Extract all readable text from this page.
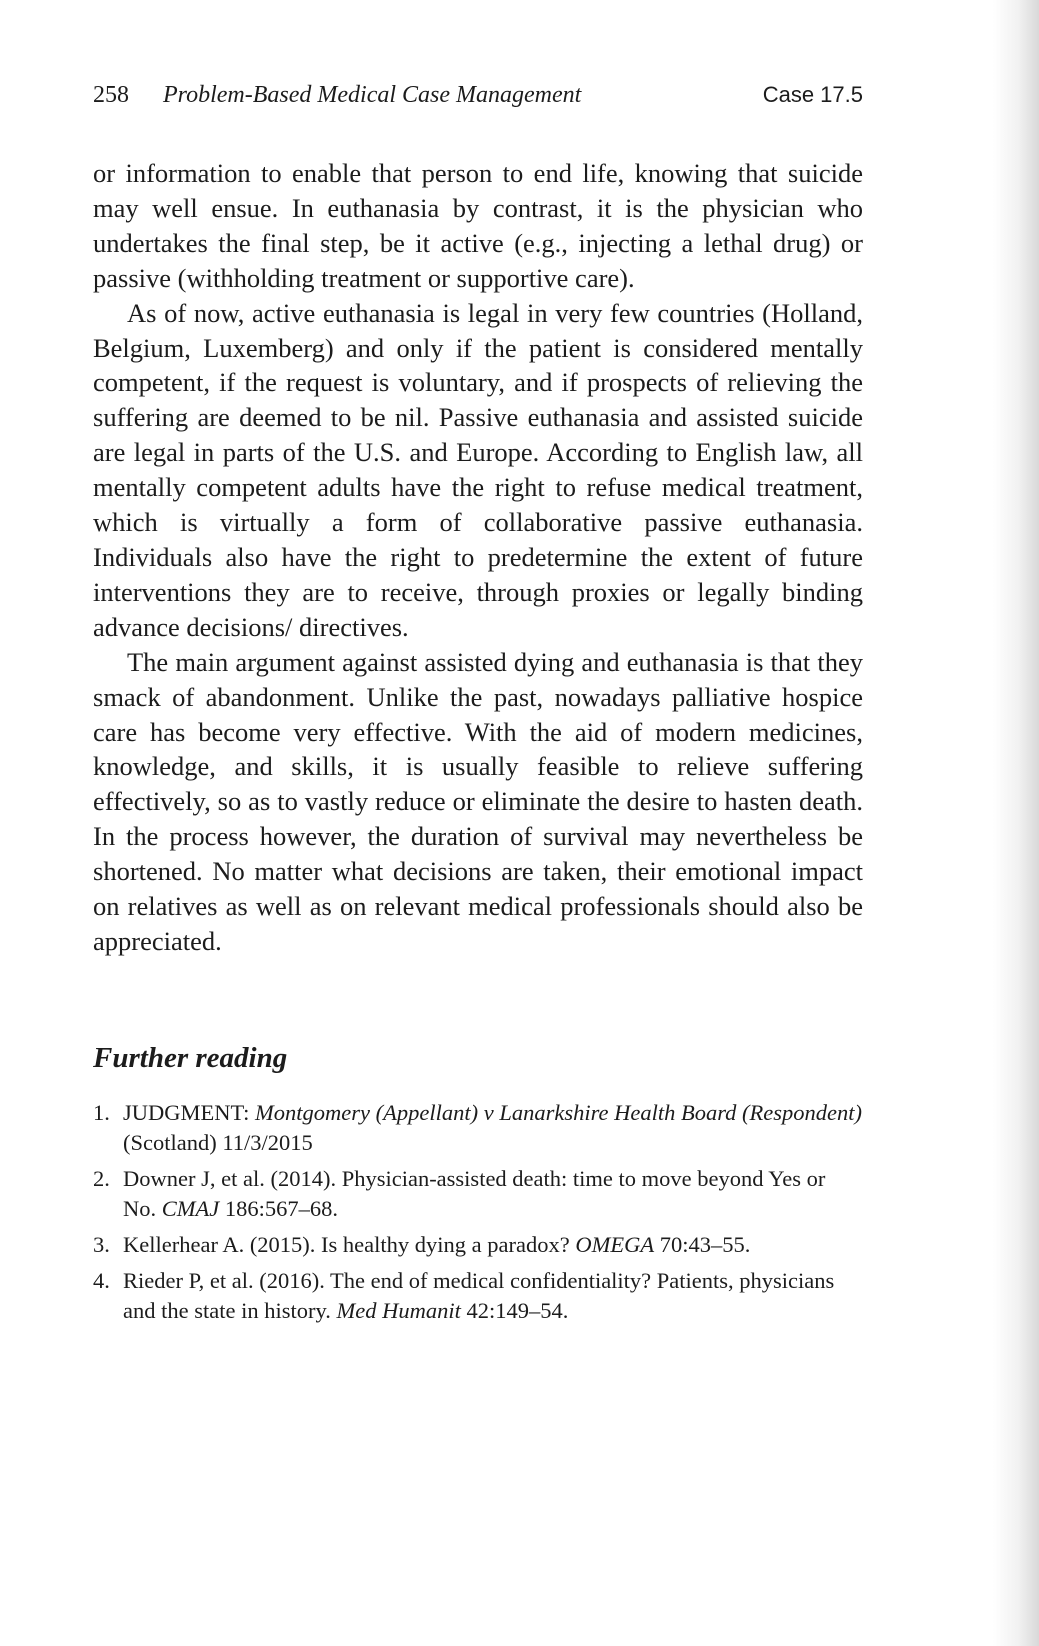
258 Problem-Based Medical Case Management	Case 17.5

or information to enable that person to end life, knowing that suicide may well ensue. In euthanasia by contrast, it is the physician who undertakes the final step, be it active (e.g., injecting a lethal drug) or passive (withholding treatment or supportive care).

As of now, active euthanasia is legal in very few countries (Holland, Belgium, Luxemberg) and only if the patient is considered mentally competent, if the request is voluntary, and if prospects of relieving the suffering are deemed to be nil. Passive euthanasia and assisted suicide are legal in parts of the U.S. and Europe. According to English law, all mentally competent adults have the right to refuse medical treatment, which is virtually a form of collaborative passive euthanasia. Individuals also have the right to predetermine the extent of future interventions they are to receive, through proxies or legally binding advance decisions/ directives.

The main argument against assisted dying and euthanasia is that they smack of abandonment. Unlike the past, nowadays palliative hospice care has become very effective. With the aid of modern medicines, knowledge, and skills, it is usually feasible to relieve suffering effectively, so as to vastly reduce or eliminate the desire to hasten death. In the process however, the duration of survival may nevertheless be shortened. No matter what decisions are taken, their emotional impact on relatives as well as on relevant medical professionals should also be appreciated.

Further reading
1. JUDGMENT: Montgomery (Appellant) v Lanarkshire Health Board (Respondent) (Scotland) 11/3/2015
2. Downer J, et al. (2014). Physician-assisted death: time to move beyond Yes or No. CMAJ 186:567–68.
3. Kellerhear A. (2015). Is healthy dying a paradox? OMEGA 70:43–55.
4. Rieder P, et al. (2016). The end of medical confidentiality? Patients, physicians and the state in history. Med Humanit 42:149–54.
